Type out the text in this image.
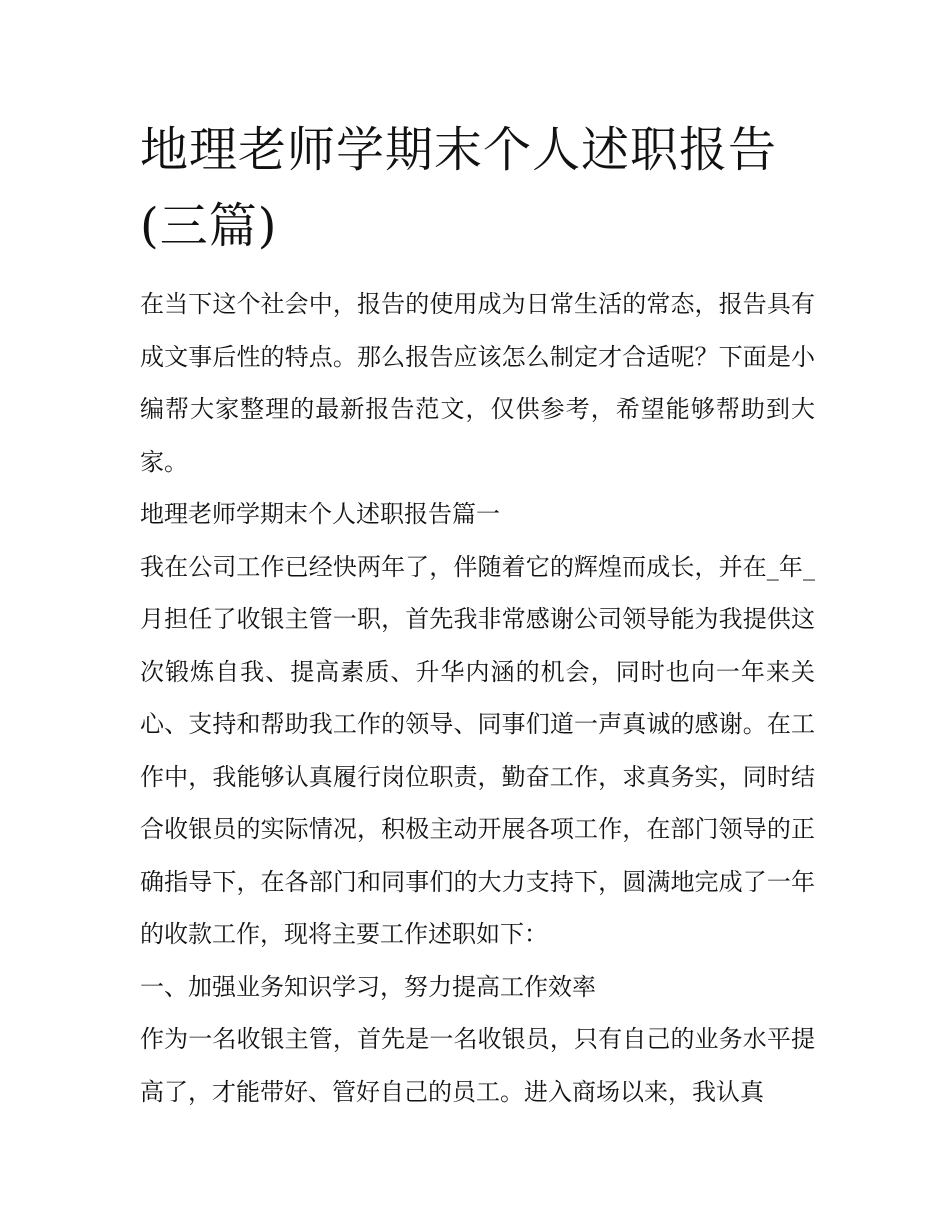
地理老师学期末个人述职报告(三篇)

在当下这个社会中，报告的使用成为日常生活的常态，报告具有成文事后性的特点。那么报告应该怎么制定才合适呢？下面是小编帮大家整理的最新报告范文，仅供参考，希望能够帮助到大家。

地理老师学期末个人述职报告篇一

我在公司工作已经快两年了，伴随着它的辉煌而成长，并在_年_月担任了收银主管一职，首先我非常感谢公司领导能为我提供这次锻炼自我、提高素质、升华内涵的机会，同时也向一年来关心、支持和帮助我工作的领导、同事们道一声真诚的感谢。在工作中，我能够认真履行岗位职责，勤奋工作，求真务实，同时结合收银员的实际情况，积极主动开展各项工作，在部门领导的正确指导下，在各部门和同事们的大力支持下，圆满地完成了一年的收款工作，现将主要工作述职如下：

一、加强业务知识学习，努力提高工作效率

作为一名收银主管，首先是一名收银员，只有自己的业务水平提高了，才能带好、管好自己的员工。进入商场以来，我认真
